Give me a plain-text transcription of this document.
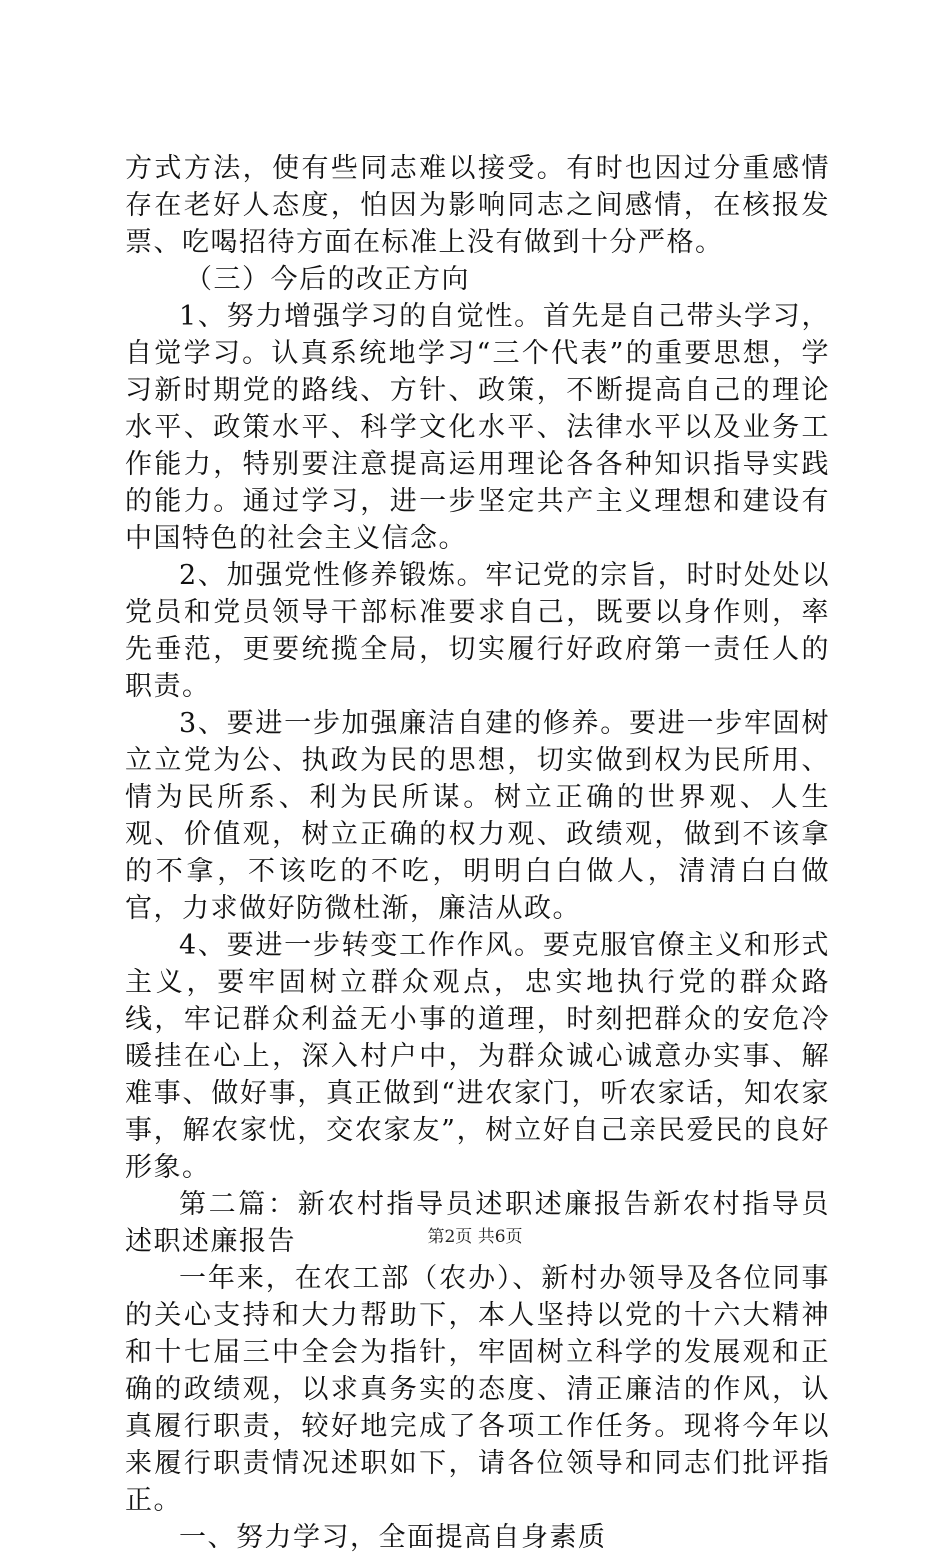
方式方法，使有些同志难以接受。有时也因过分重感情存在老好人态度，怕因为影响同志之间感情，在核报发票、吃喝招待方面在标准上没有做到十分严格。

（三）今后的改正方向

1、努力增强学习的自觉性。首先是自己带头学习，自觉学习。认真系统地学习“三个代表”的重要思想，学习新时期党的路线、方针、政策，不断提高自己的理论水平、政策水平、科学文化水平、法律水平以及业务工作能力，特别要注意提高运用理论各各种知识指导实践的能力。通过学习，进一步坚定共产主义理想和建设有中国特色的社会主义信念。

2、加强党性修养锻炼。牢记党的宗旨，时时处处以党员和党员领导干部标准要求自己，既要以身作则，率先垂范，更要统揽全局，切实履行好政府第一责任人的职责。

3、要进一步加强廉洁自建的修养。要进一步牢固树立立党为公、执政为民的思想，切实做到权为民所用、情为民所系、利为民所谋。树立正确的世界观、人生观、价值观，树立正确的权力观、政绩观，做到不该拿的不拿，不该吃的不吃，明明白白做人，清清白白做官，力求做好防微杜渐，廉洁从政。

4、要进一步转变工作作风。要克服官僚主义和形式主义，要牢固树立群众观点，忠实地执行党的群众路线，牢记群众利益无小事的道理，时刻把群众的安危冷暖挂在心上，深入村户中，为群众诚心诚意办实事、解难事、做好事，真正做到“进农家门，听农家话，知农家事，解农家忧，交农家友”，树立好自己亲民爱民的良好形象。

第二篇：新农村指导员述职述廉报告新农村指导员述职述廉报告

一年来，在农工部（农办）、新村办领导及各位同事的关心支持和大力帮助下，本人坚持以党的十六大精神和十七届三中全会为指针，牢固树立科学的发展观和正确的政绩观，以求真务实的态度、清正廉洁的作风，认真履行职责，较好地完成了各项工作任务。现将今年以来履行职责情况述职如下，请各位领导和同志们批评指正。

一、努力学习，全面提高自身素质

第2页 共6页
